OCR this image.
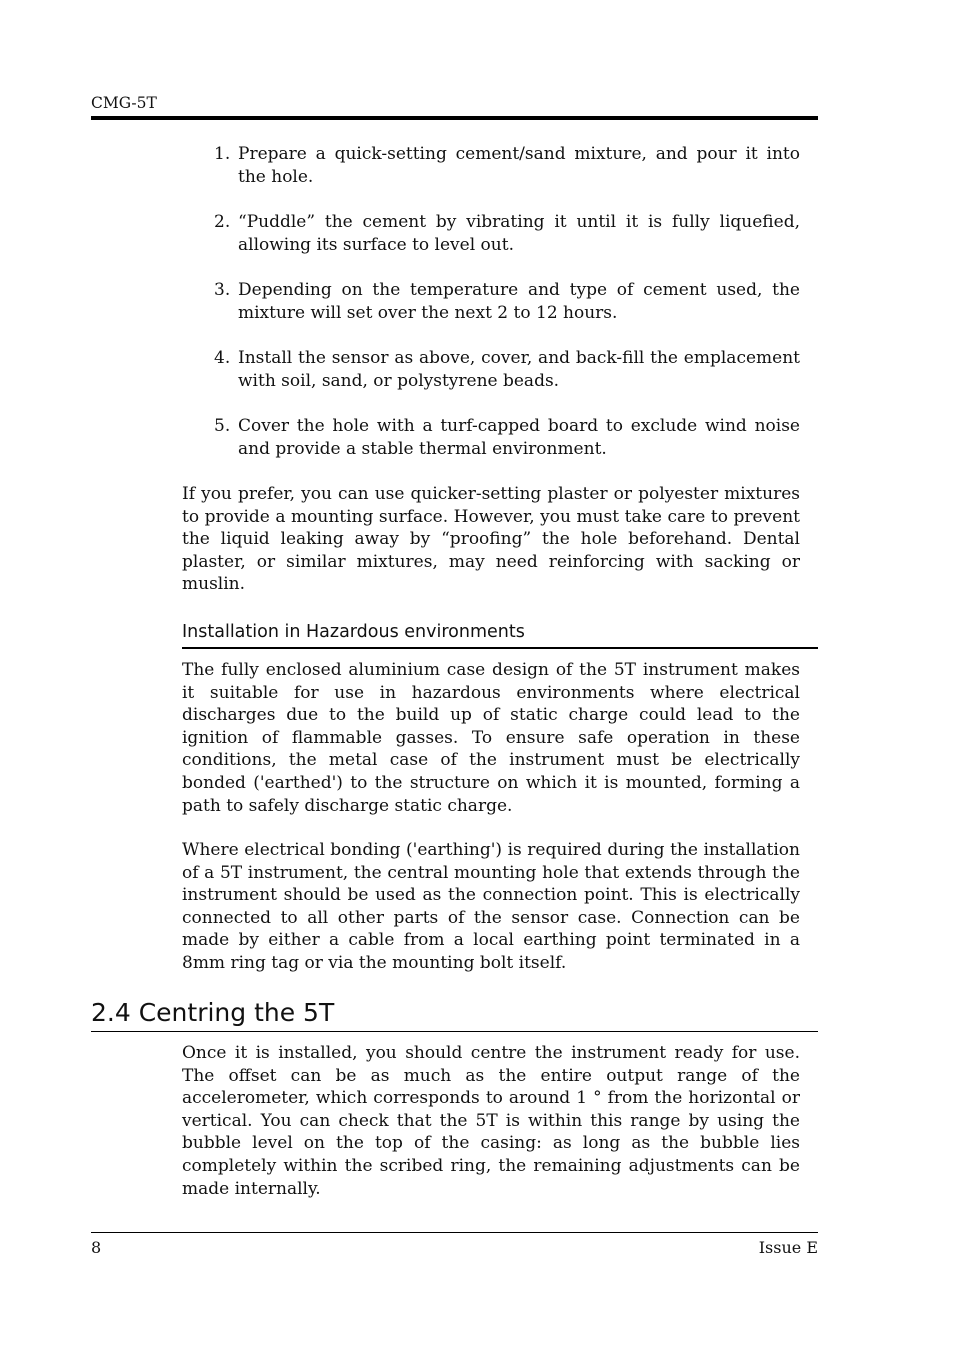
CMG-5T
1. Prepare a quick-setting cement/sand mixture, and pour it into the hole.
2. “Puddle” the cement by vibrating it until it is fully liquefied, allowing its surface to level out.
3. Depending on the temperature and type of cement used, the mixture will set over the next 2 to 12 hours.
4. Install the sensor as above, cover, and back-fill the emplacement with soil, sand, or polystyrene beads.
5. Cover the hole with a turf-capped board to exclude wind noise and provide a stable thermal environment.

If you prefer, you can use quicker-setting plaster or polyester mixtures to provide a mounting surface. However, you must take care to prevent the liquid leaking away by “proofing” the hole beforehand. Dental plaster, or similar mixtures, may need reinforcing with sacking or muslin.

Installation in Hazardous environments

The fully enclosed aluminium case design of the 5T instrument makes it suitable for use in hazardous environments where electrical discharges due to the build up of static charge could lead to the ignition of flammable gasses. To ensure safe operation in these conditions, the metal case of the instrument must be electrically bonded ('earthed') to the structure on which it is mounted, forming a path to safely discharge static charge.

Where electrical bonding ('earthing') is required during the installation of a 5T instrument, the central mounting hole that extends through the instrument should be used as the connection point. This is electrically connected to all other parts of the sensor case. Connection can be made by either a cable from a local earthing point terminated in a 8mm ring tag or via the mounting bolt itself.

2.4 Centring the 5T

Once it is installed, you should centre the instrument ready for use. The offset can be as much as the entire output range of the accelerometer, which corresponds to around 1 ° from the horizontal or vertical. You can check that the 5T is within this range by using the bubble level on the top of the casing: as long as the bubble lies completely within the scribed ring, the remaining adjustments can be made internally.

8	Issue E
